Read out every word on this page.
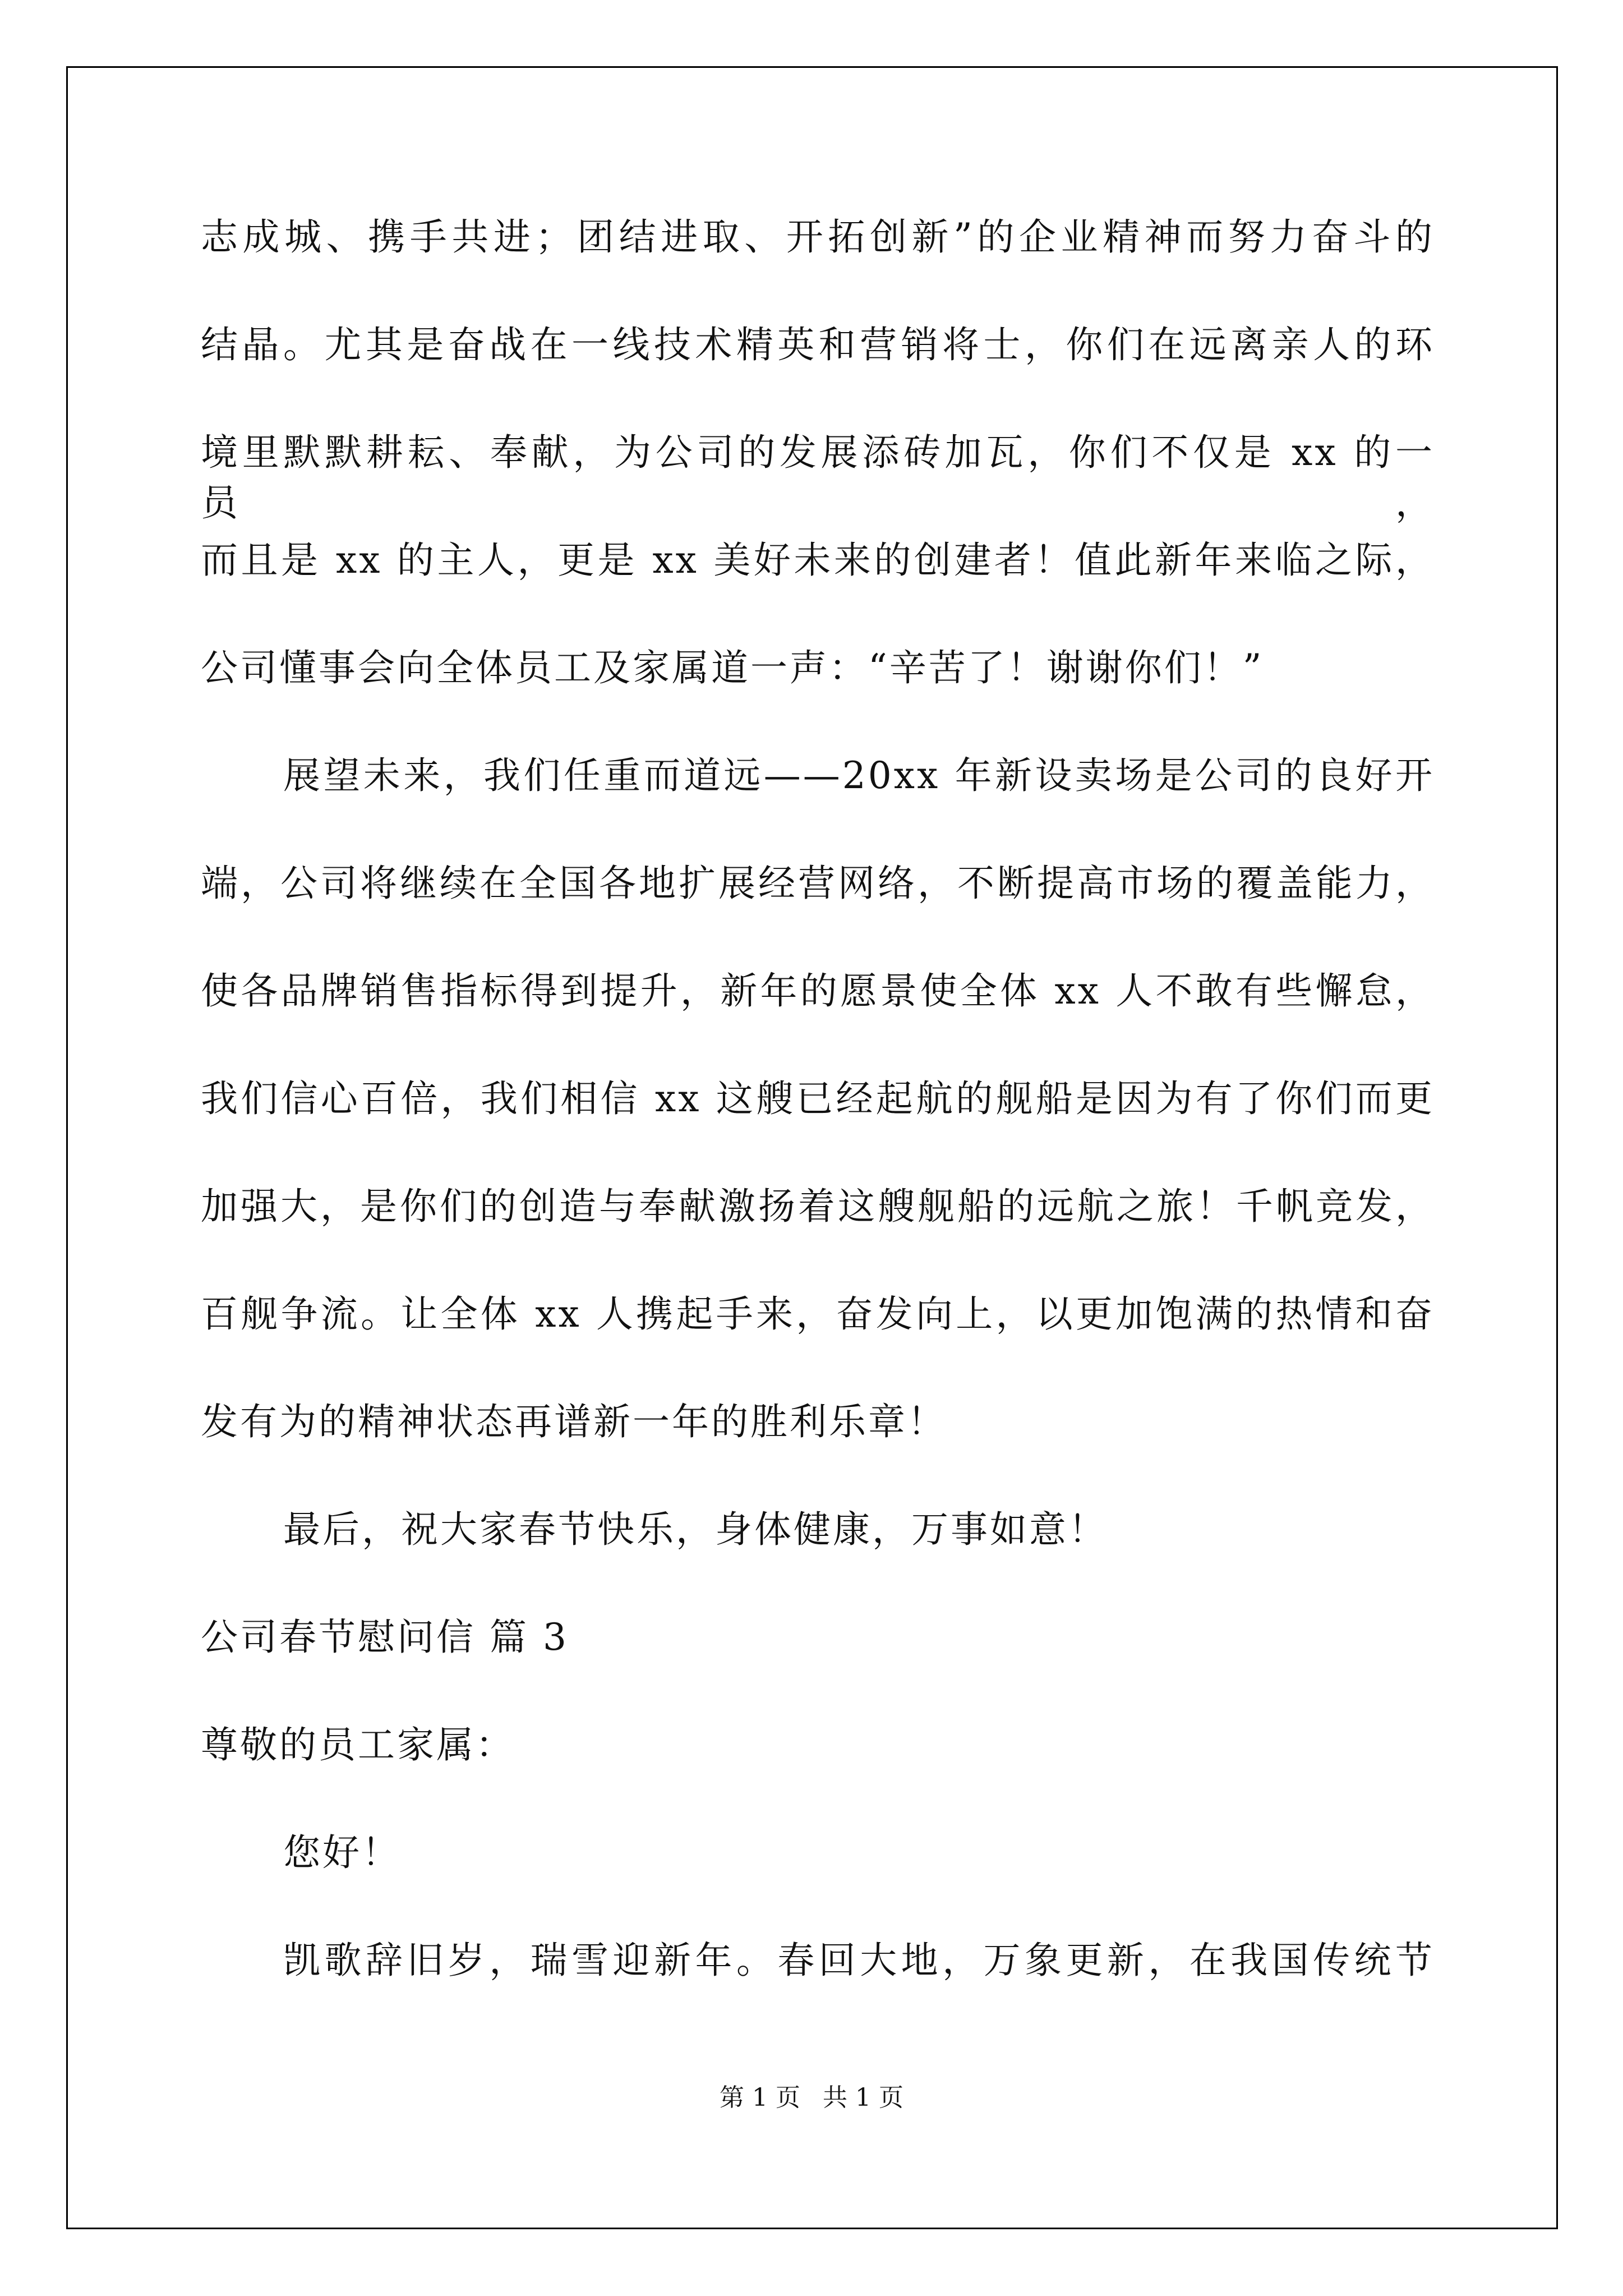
志成城、携手共进；团结进取、开拓创新”的企业精神而努力奋斗的
结晶。尤其是奋战在一线技术精英和营销将士，你们在远离亲人的环
境里默默耕耘、奉献，为公司的发展添砖加瓦，你们不仅是 xx 的一员，
而且是 xx 的主人，更是 xx 美好未来的创建者！值此新年来临之际，
公司懂事会向全体员工及家属道一声：“辛苦了！谢谢你们！”
展望未来，我们任重而道远——20xx 年新设卖场是公司的良好开
端，公司将继续在全国各地扩展经营网络，不断提高市场的覆盖能力，
使各品牌销售指标得到提升，新年的愿景使全体 xx 人不敢有些懈怠，
我们信心百倍，我们相信 xx 这艘已经起航的舰船是因为有了你们而更
加强大，是你们的创造与奉献激扬着这艘舰船的远航之旅！千帆竞发，
百舰争流。让全体 xx 人携起手来，奋发向上，以更加饱满的热情和奋
发有为的精神状态再谱新一年的胜利乐章！
最后，祝大家春节快乐，身体健康，万事如意！
公司春节慰问信 篇 3
尊敬的员工家属：
您好！
凯歌辞旧岁，瑞雪迎新年。春回大地，万象更新，在我国传统节
第 1 页 共 1 页
